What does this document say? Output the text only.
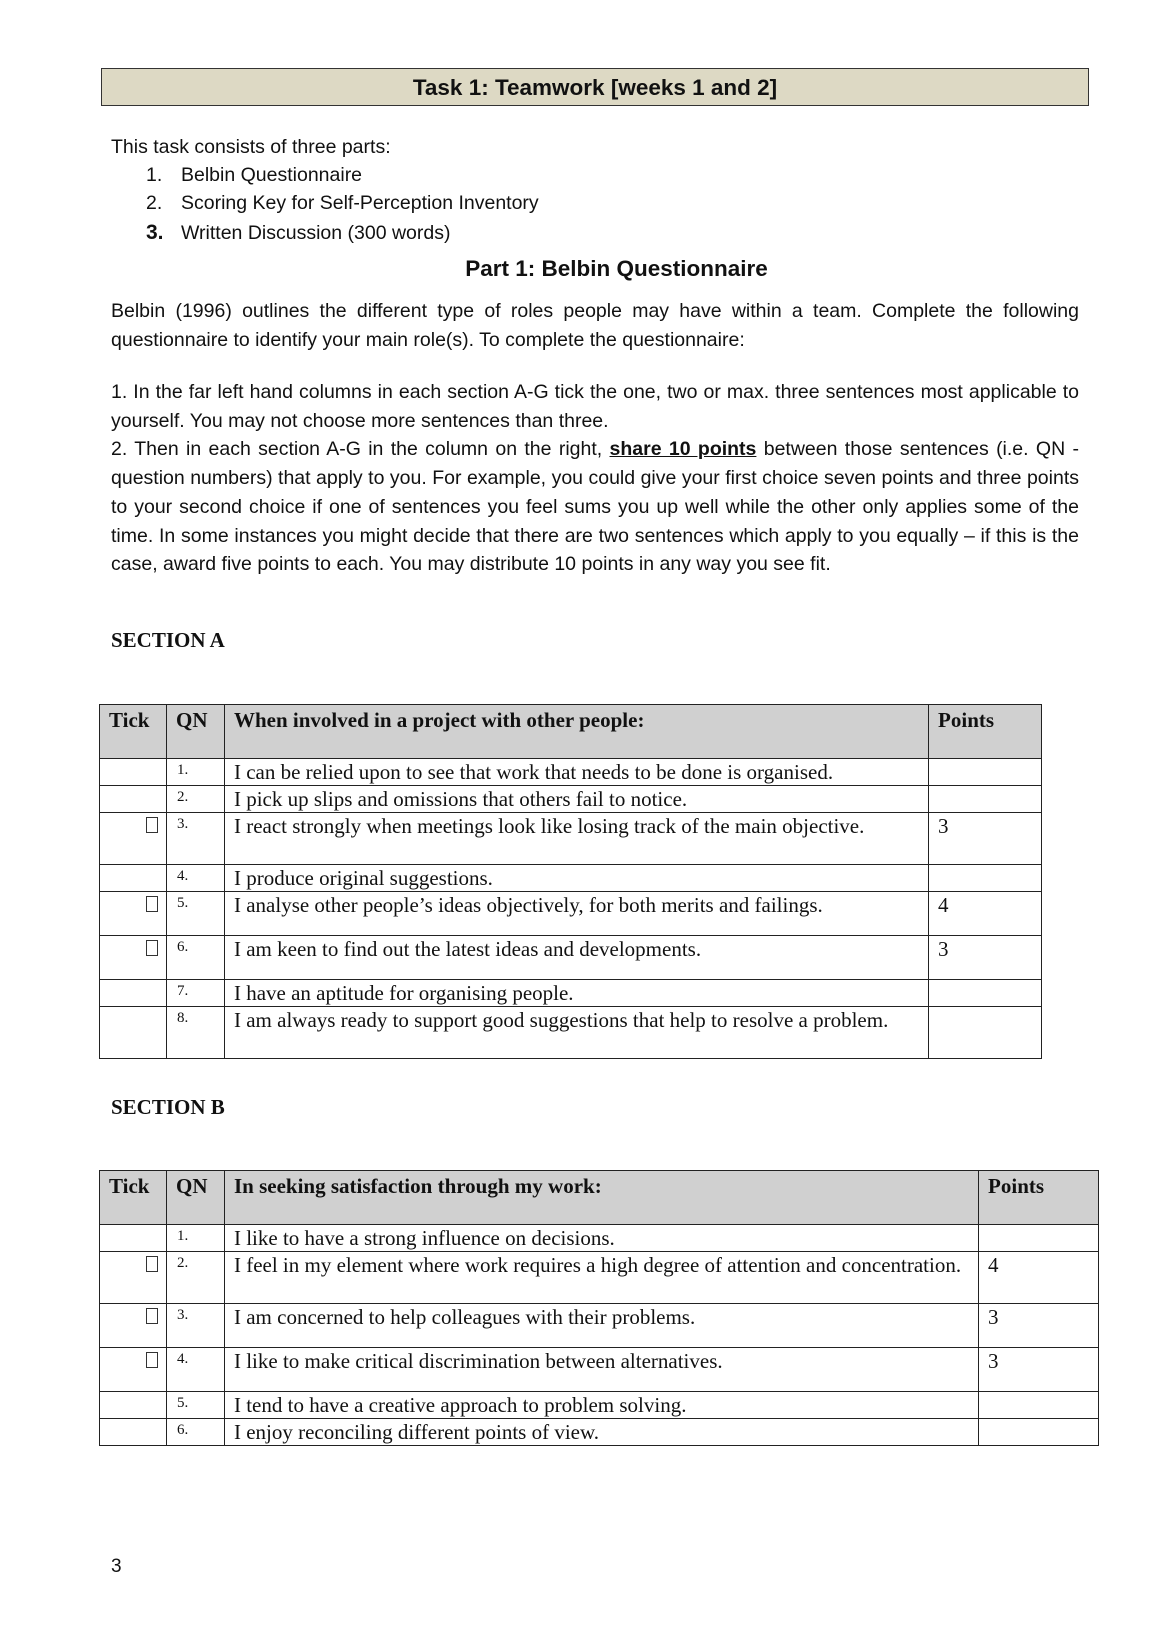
Task 1: Teamwork [weeks 1 and 2]
This task consists of three parts:
1. Belbin Questionnaire
2. Scoring Key for Self-Perception Inventory
3. Written Discussion (300 words)
Part 1: Belbin Questionnaire

Belbin (1996) outlines the different type of roles people may have within a team. Complete the following questionnaire to identify your main role(s). To complete the questionnaire:

1. In the far left hand columns in each section A-G tick the one, two or max. three sentences most applicable to yourself. You may not choose more sentences than three.
2. Then in each section A-G in the column on the right, share 10 points between those sentences (i.e. QN - question numbers) that apply to you. For example, you could give your first choice seven points and three points to your second choice if one of sentences you feel sums you up well while the other only applies some of the time. In some instances you might decide that there are two sentences which apply to you equally – if this is the case, award five points to each. You may distribute 10 points in any way you see fit.

SECTION A
Tick	QN	When involved in a project with other people:	Points
	1.	I can be relied upon to see that work that needs to be done is organised.	
	2.	I pick up slips and omissions that others fail to notice.	
	3.	I react strongly when meetings look like losing track of the main objective.	3
	4.	I produce original suggestions.	
	5.	I analyse other people’s ideas objectively, for both merits and failings.	4
	6.	I am keen to find out the latest ideas and developments.	3
	7.	I have an aptitude for organising people.	
	8.	I am always ready to support good suggestions that help to resolve a problem.	
SECTION B
Tick	QN	In seeking satisfaction through my work:	Points
	1.	I like to have a strong influence on decisions.	
	2.	I feel in my element where work requires a high degree of attention and concentration.	4
	3.	I am concerned to help colleagues with their problems.	3
	4.	I like to make critical discrimination between alternatives.	3
	5.	I tend to have a creative approach to problem solving.	
	6.	I enjoy reconciling different points of view.	
3
